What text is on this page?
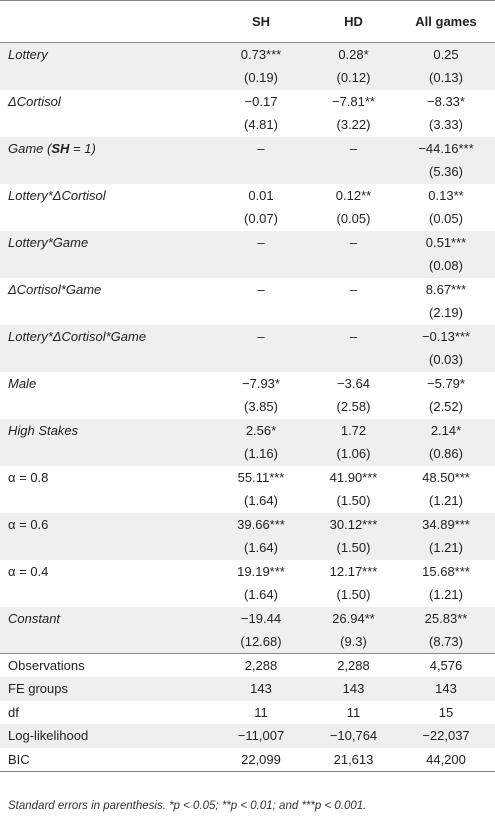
	SH	HD	All games
Lottery	0.73***	0.28*	0.25
	(0.19)	(0.12)	(0.13)
ΔCortisol	−0.17	−7.81**	−8.33*
	(4.81)	(3.22)	(3.33)
Game (SH = 1)	–	–	−44.16***
			(5.36)
Lottery*ΔCortisol	0.01	0.12**	0.13**
	(0.07)	(0.05)	(0.05)
Lottery*Game	–	–	0.51***
			(0.08)
ΔCortisol*Game	–	–	8.67***
			(2.19)
Lottery*ΔCortisol*Game	–	–	−0.13***
			(0.03)
Male	−7.93*	−3.64	−5.79*
	(3.85)	(2.58)	(2.52)
High Stakes	2.56*	1.72	2.14*
	(1.16)	(1.06)	(0.86)
α = 0.8	55.11***	41.90***	48.50***
	(1.64)	(1.50)	(1.21)
α = 0.6	39.66***	30.12***	34.89***
	(1.64)	(1.50)	(1.21)
α = 0.4	19.19***	12.17***	15.68***
	(1.64)	(1.50)	(1.21)
Constant	−19.44	26.94**	25.83**
	(12.68)	(9.3)	(8.73)
Observations	2,288	2,288	4,576
FE groups	143	143	143
df	11	11	15
Log-likelihood	−11,007	−10,764	−22,037
BIC	22,099	21,613	44,200
Standard errors in parenthesis. *p < 0.05; **p < 0.01; and ***p < 0.001.
